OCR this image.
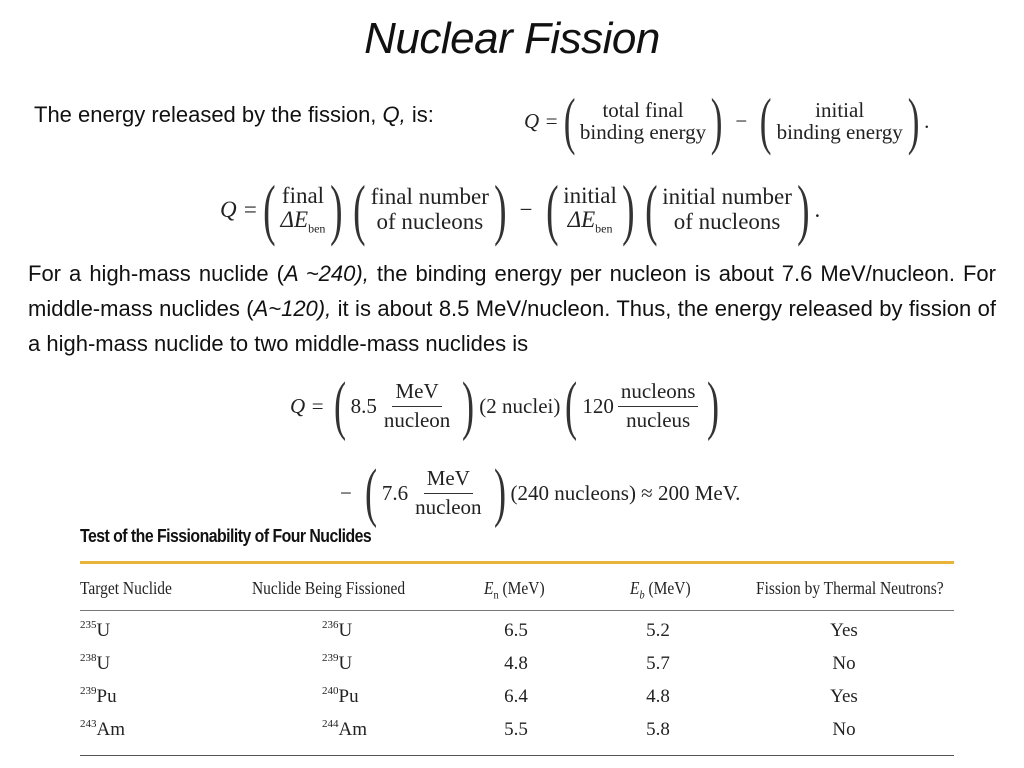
Nuclear Fission
The energy released by the fission, Q, is:	Q = ( total final
binding energy ) − ( initial
binding energy ) .
Q = ( final
$\Delta E_{ben}$ ) ( final number
of nucleons ) − ( initial
$\Delta E_{ben}$ ) ( initial number
of nucleons ) .
For a high-mass nuclide (A ~240), the binding energy per nucleon is about 7.6 MeV/nucleon. For middle-mass nuclides (A~120), it is about 8.5 MeV/nucleon. Thus, the energy released by fission of a high-mass nuclide to two middle-mass nuclides is
Q = ( $8.5 \frac{\text{MeV}}{\text{nucleon}}$ ) (2 nuclei) ( $120 \frac{\text{nucleons}}{\text{nucleus}}$ )
− ( $7.6 \frac{\text{MeV}}{\text{nucleon}}$ ) (240 nucleons) ≈ 200 MeV.
Test of the Fissionability of Four Nuclides
Target Nuclide	Nuclide Being Fissioned	$E_n$ (MeV)	$E_b$ (MeV)	Fission by Thermal Neutrons?
$^{235}$U	$^{236}$U	6.5	5.2	Yes
$^{238}$U	$^{239}$U	4.8	5.7	No
$^{239}$Pu	$^{240}$Pu	6.4	4.8	Yes
$^{243}$Am	$^{244}$Am	5.5	5.8	No
